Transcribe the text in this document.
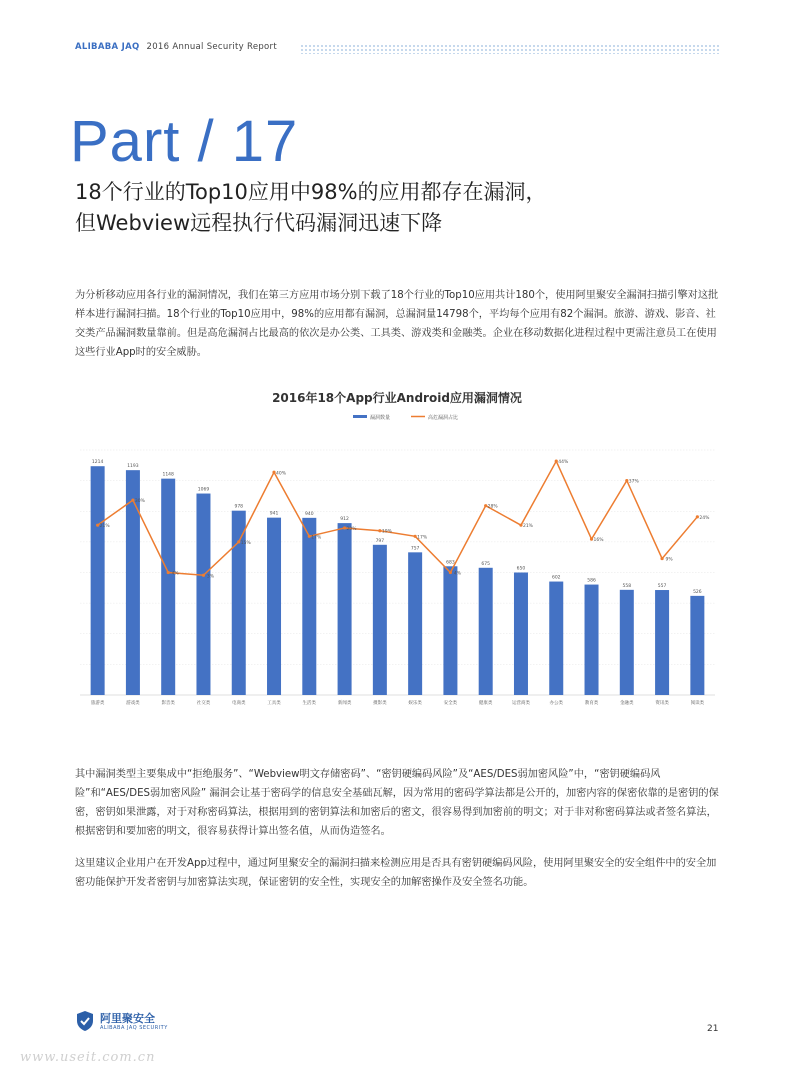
ALIBABA JAQ 2016 Annual Security Report
Part / 17
18个行业的Top10应用中98%的应用都存在漏洞，
但Webview远程执行代码漏洞迅速下降
为分析移动应用各行业的漏洞情况，我们在第三方应用市场分别下载了18个行业的Top10应用共计180个，使用阿里聚安全漏洞扫描引擎对这批样本进行漏洞扫描。18个行业的Top10应用中，98%的应用都有漏洞，总漏洞量14798个，平均每个应用有82个漏洞。旅游、游戏、影音、社交类产品漏洞数量靠前。但是高危漏洞占比最高的依次是办公类、工具类、游戏类和金融类。企业在移动数据化进程过程中更需注意员工在使用这些行业App时的安全威胁。
2016年18个App行业Android应用漏洞情况
漏洞数量	高危漏洞占比
1214
旅游类
1193
游戏类
1148
影音类
1069
社交类
978
电商类
941
工具类
940
生活类
912
新闻类
797
摄影类
757
娱乐类
683
安全类
675
健康类
650
运营商类
602
办公类
586
教育类
558
金融类
557
资讯类
526
阅读类
21%
30%
4%
3%
15%
40%
17%
20%
19%
17%
4%
28%
21%
44%
16%
37%
9%
24%
其中漏洞类型主要集成中“拒绝服务”、“Webview明文存储密码”、“密钥硬编码风险”及“AES/DES弱加密风险”中，“密钥硬编码风险”和“AES/DES弱加密风险” 漏洞会让基于密码学的信息安全基础瓦解，因为常用的密码学算法都是公开的，加密内容的保密依靠的是密钥的保密，密钥如果泄露，对于对称密码算法，根据用到的密钥算法和加密后的密文，很容易得到加密前的明文；对于非对称密码算法或者签名算法，根据密钥和要加密的明文，很容易获得计算出签名值，从而伪造签名。
这里建议企业用户在开发App过程中，通过阿里聚安全的漏洞扫描来检测应用是否具有密钥硬编码风险，使用阿里聚安全的安全组件中的安全加密功能保护开发者密钥与加密算法实现，保证密钥的安全性，实现安全的加解密操作及安全签名功能。
阿里聚安全
ALIBABA JAQ SECURITY	21
www.useit.com.cn
